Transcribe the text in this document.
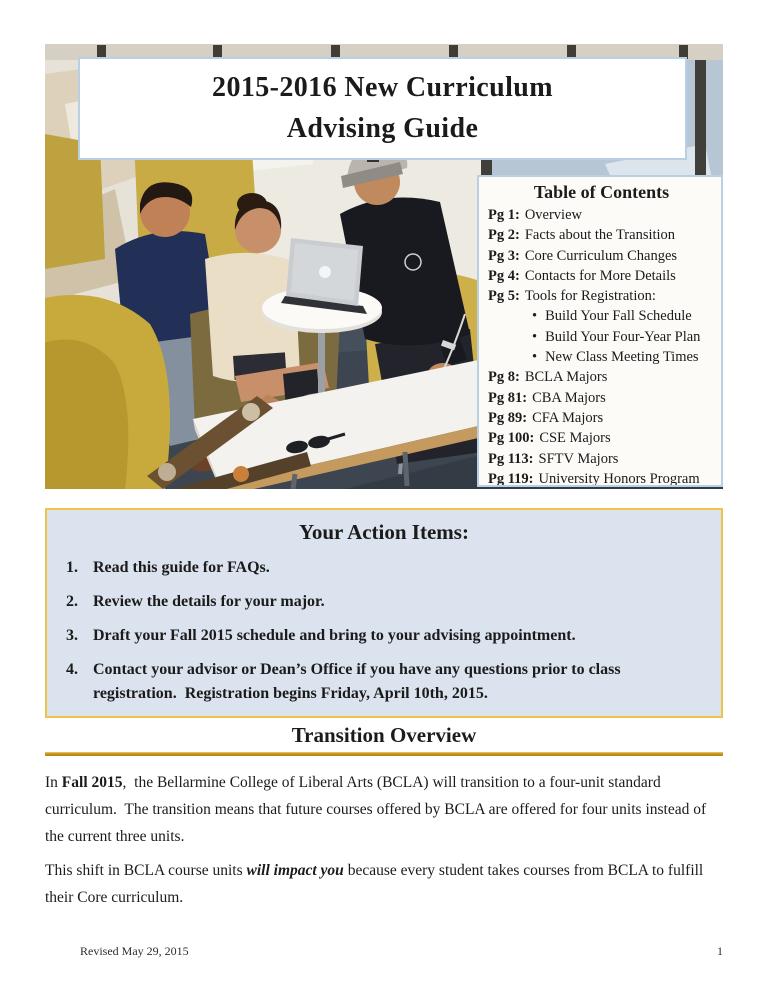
2015-2016 New Curriculum
Advising Guide
Table of Contents
Pg 1: Overview
Pg 2: Facts about the Transition
Pg 3: Core Curriculum Changes
Pg 4: Contacts for More Details
Pg 5: Tools for Registration:
• Build Your Fall Schedule
• Build Your Four-Year Plan
• New Class Meeting Times
Pg 8: BCLA Majors
Pg 81: CBA Majors
Pg 89: CFA Majors
Pg 100: CSE Majors
Pg 113: SFTV Majors
Pg 119: University Honors Program
Your Action Items:
1. Read this guide for FAQs.
2. Review the details for your major.
3. Draft your Fall 2015 schedule and bring to your advising appointment.
4. Contact your advisor or Dean’s Office if you have any questions prior to class registration.  Registration begins Friday, April 10th, 2015.
Transition Overview

In Fall 2015,  the Bellarmine College of Liberal Arts (BCLA) will transition to a four-unit standard curriculum.  The transition means that future courses offered by BCLA are offered for four units instead of the current three units.

This shift in BCLA course units will impact you because every student takes courses from BCLA to fulfill their Core curriculum.

Revised May 29, 2015	1
